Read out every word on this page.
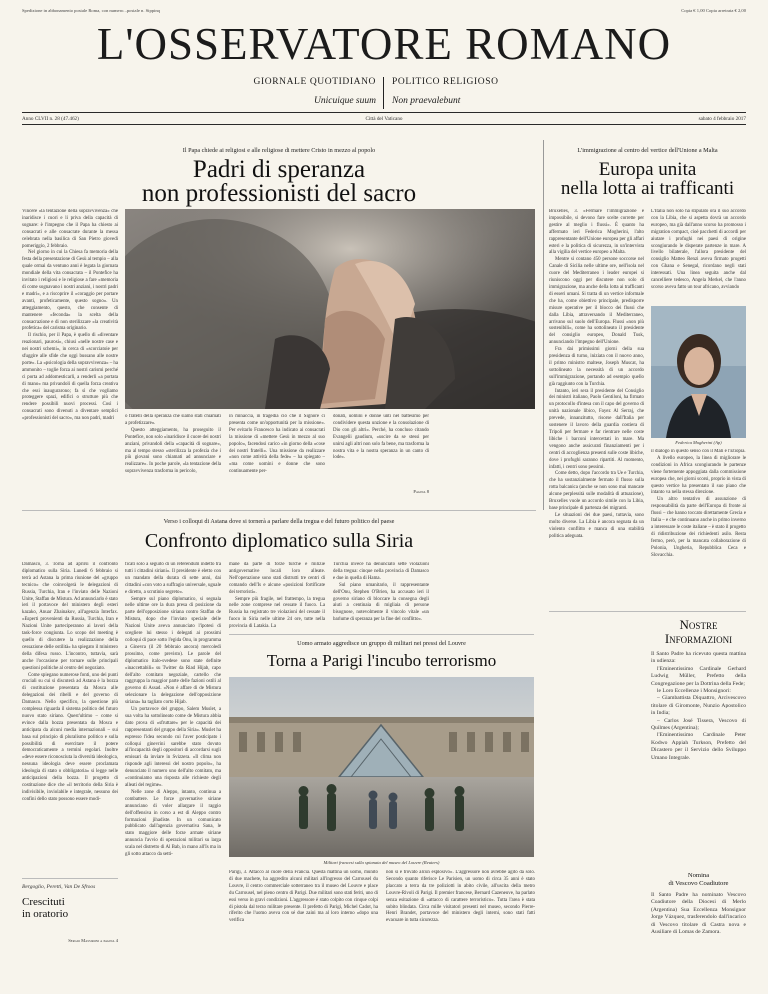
Spedizione in abbonamento postale Roma, con numero...postale n. Sippinq	Copia € 1,00 Copia arretrata € 2,00
L'OSSERVATORE ROMANO
GIORNALE QUOTIDIANO POLITICO RELIGIOSO
Unicuique suum Non praevalebunt
Anno CLVII n. 28 (47.462)	Città del Vaticano	sabato 4 febbraio 2017
Il Papa chiede ai religiosi e alle religiose di mettere Cristo in mezzo al popolo
Padri di speranza
non professionisti del sacro

Vincere «la tentazione della sopravvivenza» che inaridisce i cuori e li priva della capacità di sognare: è l'impegno che il Papa ha chiesto ai consacrati e alle consacrate durante la messa celebrata nella basilica di San Pietro giovedì pomeriggio, 2 febbraio.

Nel giorno in cui la Chiesa fa memoria della festa della presentazione di Gesù al tempio – alla quale ormai da ventuno anni è legata la giornata mondiale della vita consacrata – il Pontefice ha invitato i religiosi e le religiose a fare «memoria di come sognavano i nostri anziani, i nostri padri e madri», e a riscoprire il «coraggio per portare avanti, profeticamente, questo sogno». Un atteggiamento, questo, che consente di mantenere «feconda» la scelta della consacrazione e di non sterilizzare «la creatività profetica» del carisma originario.

Il rischio, per il Papa, è quello di «diventare reazionari, paurosi», chiusi «nelle nostre case e nei nostri schemi», in cerca di «scorciatoie per sfuggire alle sfide che oggi bussano alle nostre porte». La «psicologia della sopravvivenza» – ha ammonito – toglie forza ai nostri carismi perché ci porta ad addomesticarli, a renderli «a portata di mano» ma privandoli di quella forza creativa che essi inaugurarono; fa sì che vogliamo proteggere spazi, edifici o strutture più che rendere possibili nuovi processi. Così i consacrati sono divenuti a diventare semplici «professionisti del sacro», ma non padri, madri	o fratelli della speranza che siamo stati chiamati a profetizzare».

Questo atteggiamento, ha proseguito il Pontefice, non solo «inaridisce il cuore dei nostri anziani, privandoli della «capacità di sognare», ma al tempo stesso «sterilizza la profezia che i più giovani sono chiamati ad annunciare e realizzare». In poche parole, «la tentazione della sopravvivenza trasforma in pericolo,

in minaccia, in tragedia ciò che il Signore ci presenta come un'opportunità per la missione». Per evitarlo Francesco ha indicato ai consacrati la missione di «mettere Gesù in mezzo al suo popolo», facendosi carico «in giorno della «cose dei nostri fratelli». Una missione da realizzare «non come attività della fede» – ha spiegato – «ma come uomini e donne che sono continuamente per-

donati, uomini e donne unti nel battesimo per condividere questa unzione e la consolazione di Dio con gli altri». Perché, ha concluso citando Evangelii gaudium, «uscire da se stessi per unirsi agli altri non solo fa bene, ma trasforma la nostra vita e la nostra speranza in un canto di lode».

Pagina 8
L'immigrazione al centro del vertice dell'Unione a Malta
Europa unita
nella lotta ai trafficanti

Bruxelles, 3. «Fermare l'immigrazione è impossibile, si devono fare scelte corrette per gestire al meglio i flussi». È quanto ha affermato ieri Federica Mogherini, l'alto rappresentante dell'Unione europea per gli affari esteri e la politica di sicurezza, in un'intervista alla vigilia del vertice europeo a Malta.

Mentre si contano 450 persone soccorse nel Canale di Sicilia nelle ultime ore, nell'isola nel cuore del Mediterraneo i leader europei si riuniscono oggi per discutere non solo di immigrazione, ma anche della lotta ai trafficanti di esseri umani. Si tratta di un vertice informale che ha, come obiettivo principale, predisporre misure operative per il blocco dei flussi che dalla Libia, attraversando il Mediterraneo, arrivano sul suolo dell'Europa. Flussi «non più sostenibili», come ha sottolineato il presidente del consiglio europeo, Donald Tusk, annunciando l'impegno dell'Unione.

Fra dai primissimi giorni della sua presidenza di turno, iniziata con il nuovo anno, il primo ministro maltese, Joseph Muscat, ha sottolineato la necessità di un accordo sull'immigrazione, portando ad esempio quello già raggiunto con la Turchia.

Intanto, ieri sera il presidente del Consiglio dei ministri italiano, Paolo Gentiloni, ha firmato un protocollo d'intesa con il capo del governo di unità nazionale libico, Fayez Al Serraj, che prevede, innanzitutto, risorse dall'Italia per sostenere il lavoro della guardia costiera di Tripoli per fermare e far rientrare nelle coste libiche i barconi intercettati in mare. Ma vengono anche assicurati finanziamenti per i centri di accoglienza presenti sulle coste libiche, dove i profughi saranno ripartiti. Al momento, infatti, i centri sono pessimi.

Come detto, dopo l'accordo tra Ue e Turchia, che ha sostanzialmente fermato il flusso sulla rotta balcanica (anche se non sono mai mancate alcune perplessità sulle modalità di attuazione), Bruxelles vuole un accordo simile con la Libia, base principale di partenza dei migranti.

Le situazioni dei due paesi, tuttavia, sono molto diverse. La Libia è ancora segnata da un violento conflitto e manca di una stabilità politica adeguata.

L'Italia non solo ha stipulato ora il suo accordo con la Libia, che si aspetta dovrà un accordo europeo, ma già dall'anno scorso ha promosso i migration compact, cioè pacchetti di accordi per aiutare i profughi nei paesi di origine scongiurando le disperate partenze in mare. A livello bilaterale, l'allora presidente del consiglio Matteo Renzi aveva firmato progetti con Ghana e Senegal, ricordano negli stati interessati. Una linea seguita anche dal cancelliere tedesco, Angela Merkel, che l'anno scorso aveva fatto un tour africano, avviando

Federica Mogherini (Ap)

il dialogo in questo senso con il Mali e l'Etiopia.

A livello europeo, la linea di migliorare le condizioni in Africa scongiurando le partenze viene fortemente appoggiata dalla commissione europea che, nei giorni scorsi, proprio in vista di questo vertice ha presentato il suo piano che intanto va nella stessa direzione.

Un altro tentativo di assunzione di responsabilità da parte dell'Europa di fronte ai flussi – che hanno toccato direttamente Grecia e Italia – e che continuano anche in primo inverno a interessare le coste italiane – è stato il progetto di ridistribuzione dei richiedenti asilo. Resta fermo, però, per la mancata collaborazione di Polonia, Ungheria, Repubblica Ceca e Slovacchia.

Verso i colloqui di Astana dove si tornerà a parlare della tregua e del futuro politico del paese
Confronto diplomatico sulla Siria

Damasco, 3. Torna ad aprirsi il confronto diplomatico sulla Siria. Lunedì 6 febbraio si terrà ad Astana la prima riunione del «gruppo tecnico» che coinvolgerà le delegazioni di Russia, Turchia, Iran e l'inviato delle Nazioni Unite, Staffan de Mistura. Ad annunciarlo è stato ieri il portavoce del ministero degli esteri kazako, Anuar Zhainakov, all'agenzia Interfax. «Esperti provenienti da Russia, Turchia, Iran e Nazioni Unite parteciperanno ai lavori della task-force congiunta. Lo scopo del meeting è quello di discutere la realizzazione della cessazione delle ostilità» ha spiegato il ministero della difesa russo. L'incontro, tuttavia, sarà anche l'occasione per tornare sulle principali questioni politiche al centro del negoziato.

Come spiegano numerose fonti, uno dei punti cruciali su cui si discuterà ad Astana è la bozza di costituzione presentata da Mosca alle delegazioni dei ribelli e del governo di Damasco. Nello specifico, la questione più complessa riguarda il sistema politico del futuro nuovo stato siriano. Quest'ultimo – come si evince dalla bozza presentata da Mosca e anticipata da alcuni media internazionali – sui basa sul principio di pluralismo politico e sulla possibilità di esercitare il potere democraticamente a termini regolari. Inoltre «deve essere riconosciuta la diversità ideologica, nessuna ideologia deve essere proclamata ideologia di stato o obbligatoria» si legge nelle anticipazioni della bozza. Il progetto di costituzione dice che «il territorio della Siria è indivisibile, inviolabile e integrale, nessuno dei confini dello stato possono essere modi-

ficati solo a seguito di un referendum indetto tra tutti i cittadini siriani». Il presidente è eletto con un mandato della durata di sette anni, dai cittadini «con voto a suffragio universale, uguale e diretto, a scrutinio segreto».

Sempre sul piano diplomatico, si segnala nelle ultime ore la dura presa di posizione da parte dell'opposizione siriana contro Staffan de Mistura, dopo che l'inviato speciale delle Nazioni Unite aveva annunciato l'ipotesi di scegliere lui stesso i delegati ai prossimi colloqui di pace sotto l'egida Onu, in programma a Ginevra (il 20 febbraio ancora) mercoledì prossimo, come previsto). Le parole del diplomatico italo-svedese sono state definite «inaccettabili» su Twitter da Riad Hijab, capo dell'alto comitato negoziale, cartello che raggruppa la maggior parte delle fazioni ostili al governo di Assad. «Non è affare di de Mistura selezionare la delegazione dell'opposizione siriana» ha tagliato corto Hijab.

Un portavoce del gruppo, Salem Muslet, a sua volta ha sottolineato come de Mistura abbia dato prova di «sfruttare» per le capacità dei rappresentanti del gruppo della Siria». Muslet ha espresso l'idea secondo cui l'aver posticipato i colloqui ginevrini sarebbe stato dovuto all'incapacità degli oppositori di accordarsi sugli emissari da inviare in Svizzera. «Il clima non risponde agli interessi del nostro popolo», ha denunciato il numero uno dell'alto comitato, ma «continuiamo una risposta alle richieste degli alleati del regime».

Nelle zone di Aleppo, intanto, continua a combattere. Le forze governative siriane annunciano di voler allargare il raggio dell'offensiva in corso a est di Aleppo contro formazioni jihadiste. In un comunicato pubblicato dall'agenzia governativa Sana, le stato maggiore delle forze armate siriane annuncia l'avvio di operazioni militari su larga scala nel distretto di Al Bab, in mano all'Is ma in gli sotto attacco da setti-

mane da parte di forze turche e milizie antigovernative locali loro alleate. Nell'operazione sono stati distrutti tre centri di comando dell'Is e alcune «posizioni fortificate dei terroristi».

Sempre più fragile, nel frattempo, la tregua nelle zone comprese nel cessate il fuoco. La Russia ha registrato tre violazioni del cessate il fuoco in Siria nelle ultime 24 ore, tutte nella provincia di Latakia. La

Turchia invece ha denunciato sette violazioni della tregua: cinque nella provincia di Damasco e due in quella di Hama.

Sul piano umanitario, il rappresentante dell'Onu, Stephen O'Brien, ha accusato ieri il governo siriano di bloccare la consegna degli aiuti a centinaia di migliaia di persone bisognose, notevolmente il vincolo vitale «un barlume di speranza per la fine del conflitto».

Bergoglio, Peretti, Van De Sfroos
Crescituti
in oratorio
Sergio Massironi a pagina 4
Uomo armato aggredisce un gruppo di militari nei pressi del Louvre
Torna a Parigi l'incubo terrorismo
Militari francesi sulla spianata del museo del Louvre (Reuters)

Parigi, 3. Attacco al cuore della Francia. Questa mattina un uomo, munito di due machete, ha aggredito alcuni militari all'ingresso del Carrousel du Louvre, il centro commerciale sotterraneo tra il museo del Louvre e place du Carrousel, nel pieno centro di Parigi. Due militari sono stati feriti, uno di essi verso in gravi condizioni. L'aggressore è stato colpito con cinque colpi di pistola dal terzo militare presente. Il prefetto di Parigi, Michel Cadot, ha riferito che l'uomo aveva con sé due zaini ma al loro interno «dopo una verifica

non si è trovato alcun esplosivo». L'aggressore non avrebbe agito da solo. Secondo quanto riferisce Le Parisien, un uomo di circa 35 anni è stato placcato a terra da tre poliziotti in abito civile, all'uscita della metro Louvre-Rivoli di Parigi. Il premier francese, Bernard Cazeneuve, ha parlato senza esitazione di «attacco di carattere terroristico». Tutta l'area è stata subito blindata. Circa mille visitatori presenti nel museo, secondo Pierre-Henri Brandet, portavoce del ministero degli interni, sono stati fatti evacuare in tutta sicurezza.

Nostre
Informazioni

Il Santo Padre ha ricevuto questa mattina in udienza:

l'Eminentissimo Cardinale Gerhard Ludwig Müller, Prefetto della Congregazione per la Dottrina della Fede;

le Loro Eccellenze i Monsignori:

– Giambattista Diquattro, Arcivescovo titolare di Giromonte, Nunzio Apostolico in India;

– Carlos José Tissera, Vescovo di Quilmes (Argentina);

l'Eminentissimo Cardinale Peter Kodwo Appiah Turkson, Prefetto del Dicastero per il Servizio dello Sviluppo Umano Integrale.

Nomina
di Vescovo Coadiutore

Il Santo Padre ha nominato Vescovo Coadiutore della Diocesi di Merlo (Argentina) Sua Eccellenza Monsignor Jorge Vázquez, trasferendolo dall'incarico di Vescovo titolare di Castra nova e Ausiliare di Lomas de Zamora.
